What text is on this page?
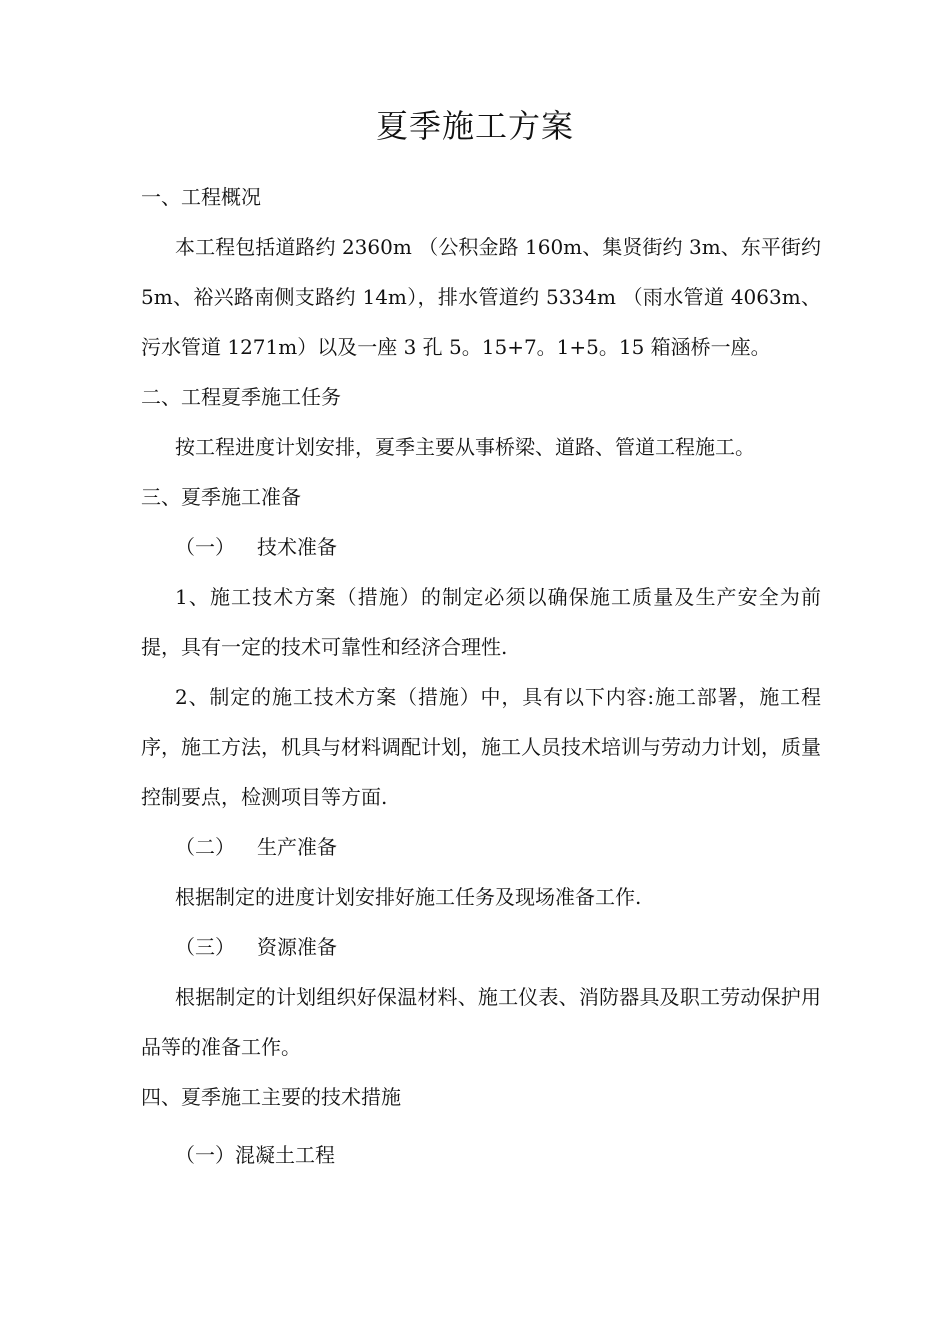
夏季施工方案

一、工程概况

本工程包括道路约 2360m （公积金路 160m、集贤街约 3m、东平街约 5m、裕兴路南侧支路约 14m），排水管道约 5334m （雨水管道 4063m、污水管道 1271m）以及一座 3 孔 5。15+7。1+5。15 箱涵桥一座。

二、工程夏季施工任务

按工程进度计划安排，夏季主要从事桥梁、道路、管道工程施工。

三、夏季施工准备

（一） 技术准备

1、施工技术方案（措施）的制定必须以确保施工质量及生产安全为前提，具有一定的技术可靠性和经济合理性.

2、制定的施工技术方案（措施）中，具有以下内容:施工部署，施工程序，施工方法，机具与材料调配计划，施工人员技术培训与劳动力计划，质量控制要点，检测项目等方面.

（二） 生产准备

根据制定的进度计划安排好施工任务及现场准备工作.

（三） 资源准备

根据制定的计划组织好保温材料、施工仪表、消防器具及职工劳动保护用品等的准备工作。

四、夏季施工主要的技术措施

（一）混凝土工程
